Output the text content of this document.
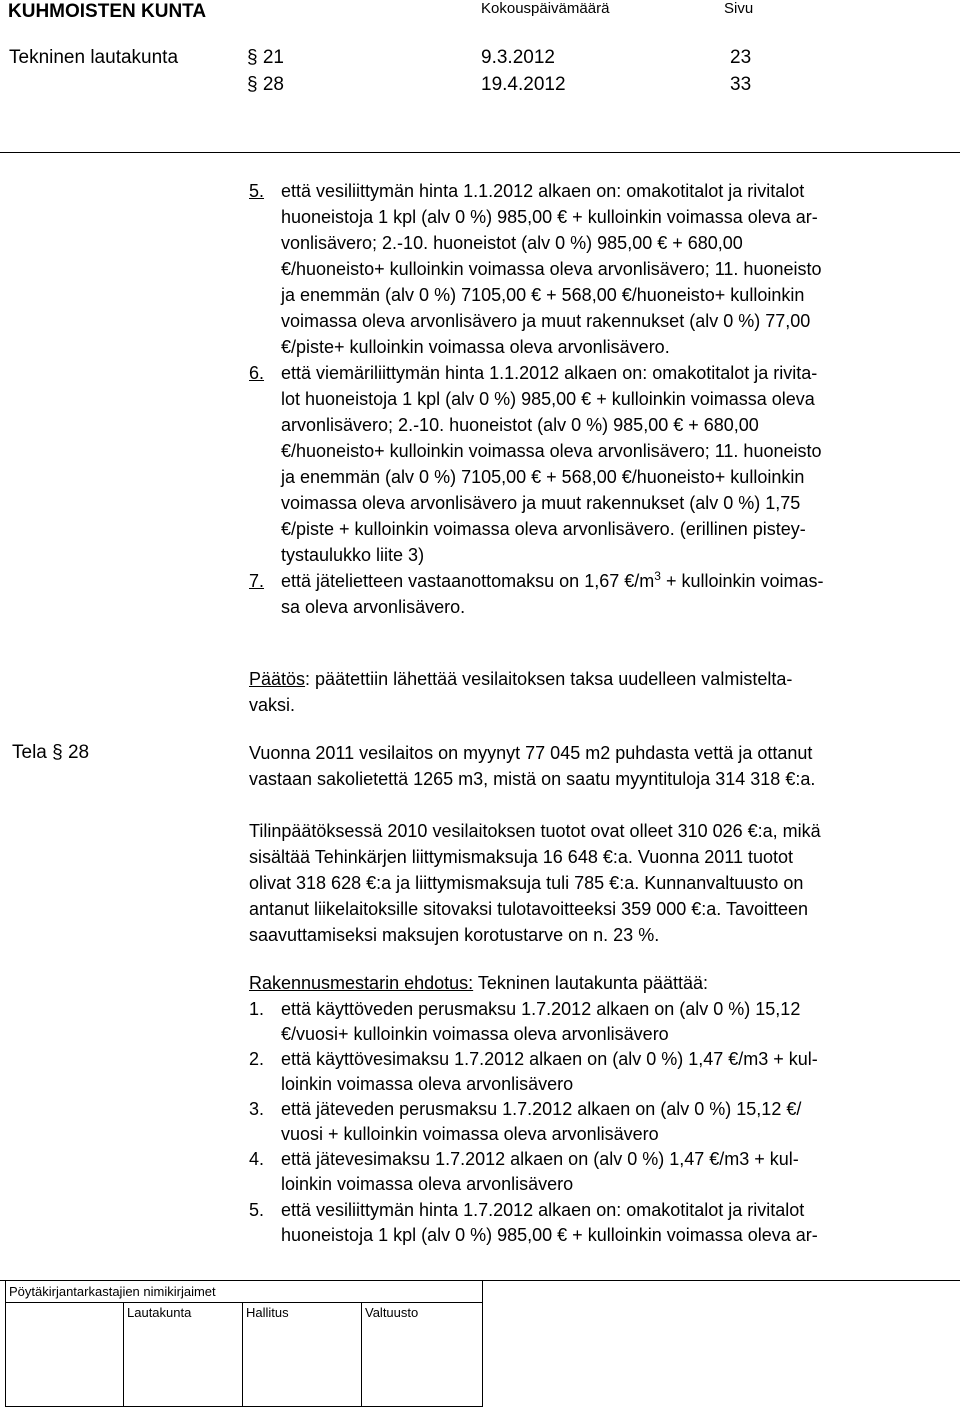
KUHMOISTEN KUNTA	Kokouspäivämäärä	Sivu
Tekninen lautakunta	§ 21	9.3.2012	23
§ 28	19.4.2012	33
5. että vesiliittymän hinta 1.1.2012 alkaen on: omakotitalot ja rivitalot
huoneistoja 1 kpl (alv 0 %) 985,00 € + kulloinkin voimassa oleva ar-
vonlisävero; 2.-10. huoneistot (alv 0 %) 985,00 € + 680,00
€/huoneisto+ kulloinkin voimassa oleva arvonlisävero; 11. huoneisto
ja enemmän (alv 0 %) 7105,00 € + 568,00 €/huoneisto+ kulloinkin
voimassa oleva arvonlisävero ja muut rakennukset (alv 0 %) 77,00
€/piste+ kulloinkin voimassa oleva arvonlisävero.
6. että viemäriliittymän hinta 1.1.2012 alkaen on: omakotitalot ja rivita-
lot huoneistoja 1 kpl (alv 0 %) 985,00 € + kulloinkin voimassa oleva
arvonlisävero; 2.-10. huoneistot (alv 0 %) 985,00 € + 680,00
€/huoneisto+ kulloinkin voimassa oleva arvonlisävero; 11. huoneisto
ja enemmän (alv 0 %) 7105,00 € + 568,00 €/huoneisto+ kulloinkin
voimassa oleva arvonlisävero ja muut rakennukset (alv 0 %) 1,75
€/piste + kulloinkin voimassa oleva arvonlisävero. (erillinen pistey-
tystaulukko liite 3)
7. että jätelietteen vastaanottomaksu on 1,67 $€/m^3$ + kulloinkin voimas-
sa oleva arvonlisävero.
Päätös: päätettiin lähettää vesilaitoksen taksa uudelleen valmistelta-
vaksi.
Tela § 28	Vuonna 2011 vesilaitos on myynyt 77 045 m2 puhdasta vettä ja ottanut
vastaan sakolietettä 1265 m3, mistä on saatu myyntituloja 314 318 €:a.
Tilinpäätöksessä 2010 vesilaitoksen tuotot ovat olleet 310 026 €:a, mikä
sisältää Tehinkärjen liittymismaksuja 16 648 €:a. Vuonna 2011 tuotot
olivat 318 628 €:a ja liittymismaksuja tuli 785 €:a. Kunnanvaltuusto on
antanut liikelaitoksille sitovaksi tulotavoitteeksi 359 000 €:a. Tavoitteen
saavuttamiseksi maksujen korotustarve on n. 23 %.
Rakennusmestarin ehdotus: Tekninen lautakunta päättää:
1. että käyttöveden perusmaksu 1.7.2012 alkaen on (alv 0 %) 15,12
€/vuosi+ kulloinkin voimassa oleva arvonlisävero
2. että käyttövesimaksu 1.7.2012 alkaen on (alv 0 %) 1,47 €/m3 + kul-
loinkin voimassa oleva arvonlisävero
3. että jäteveden perusmaksu 1.7.2012 alkaen on (alv 0 %) 15,12 €/
vuosi + kulloinkin voimassa oleva arvonlisävero
4. että jätevesimaksu 1.7.2012 alkaen on (alv 0 %) 1,47 €/m3 + kul-
loinkin voimassa oleva arvonlisävero
5. että vesiliittymän hinta 1.7.2012 alkaen on: omakotitalot ja rivitalot
huoneistoja 1 kpl (alv 0 %) 985,00 € + kulloinkin voimassa oleva ar-
Pöytäkirjantarkastajien nimikirjaimet
Lautakunta	Hallitus	Valtuusto
